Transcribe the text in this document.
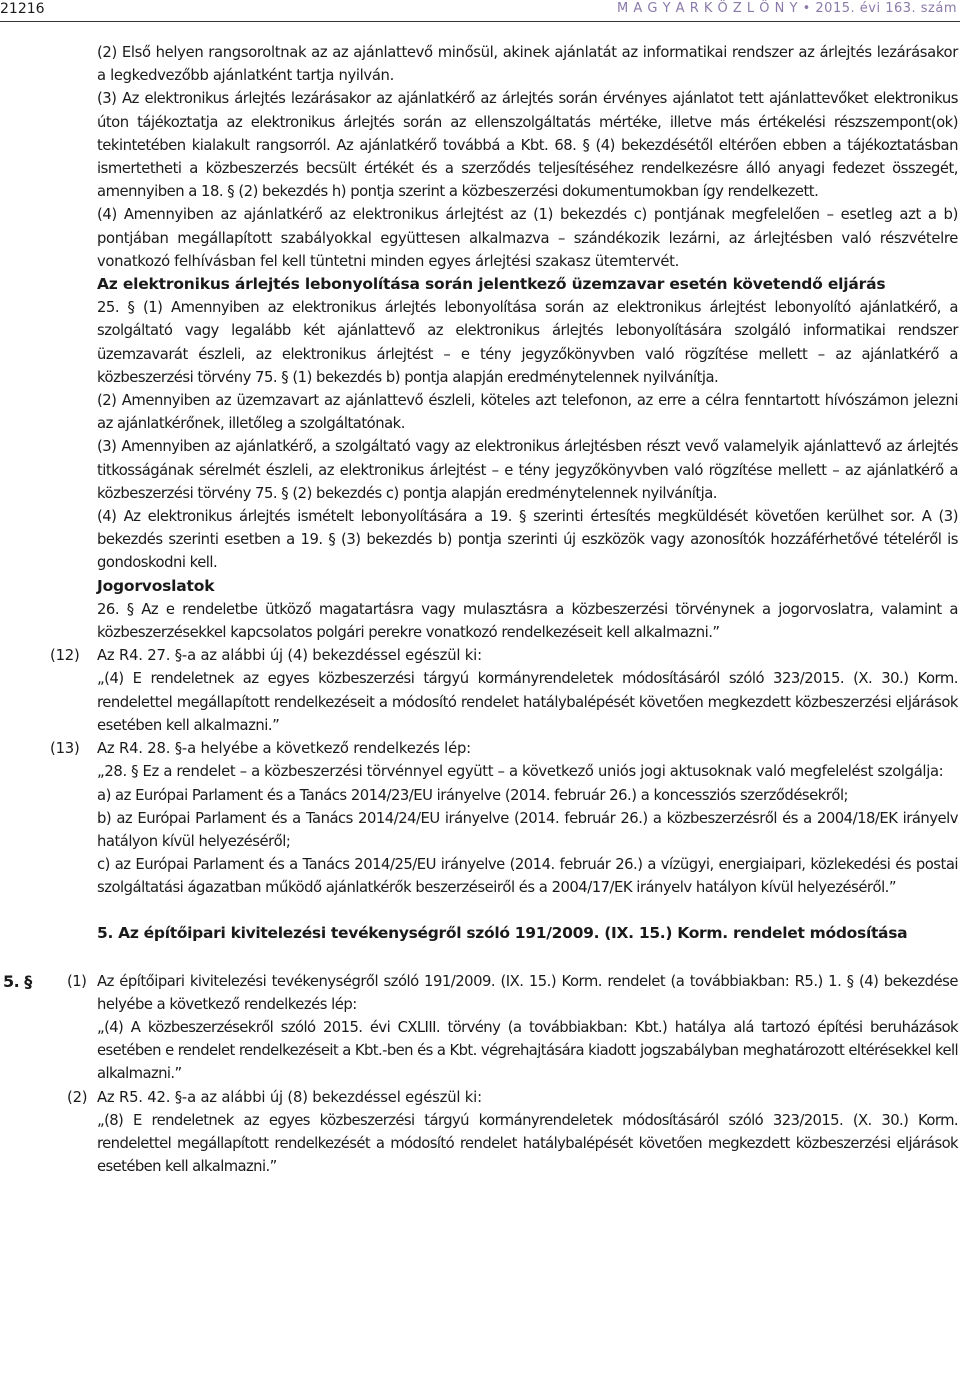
21216	M A G Y A R K Ö Z L Ö N Y • 2015. évi 163. szám

(2) Első helyen rangsoroltnak az az ajánlattevő minősül, akinek ajánlatát az informatikai rendszer az árlejtés lezárásakor a legkedvezőbb ajánlatként tartja nyilván.

(3) Az elektronikus árlejtés lezárásakor az ajánlatkérő az árlejtés során érvényes ajánlatot tett ajánlattevőket elektronikus úton tájékoztatja az elektronikus árlejtés során az ellenszolgáltatás mértéke, illetve más értékelési részszempont(ok) tekintetében kialakult rangsorról. Az ajánlatkérő továbbá a Kbt. 68. § (4) bekezdésétől eltérően ebben a tájékoztatásban ismertetheti a közbeszerzés becsült értékét és a szerződés teljesítéséhez rendelkezésre álló anyagi fedezet összegét, amennyiben a 18. § (2) bekezdés h) pontja szerint a közbeszerzési dokumentumokban így rendelkezett.

(4) Amennyiben az ajánlatkérő az elektronikus árlejtést az (1) bekezdés c) pontjának megfelelően – esetleg azt a b) pontjában megállapított szabályokkal együttesen alkalmazva – szándékozik lezárni, az árlejtésben való részvételre vonatkozó felhívásban fel kell tüntetni minden egyes árlejtési szakasz ütemtervét.

Az elektronikus árlejtés lebonyolítása során jelentkező üzemzavar esetén követendő eljárás

25. § (1) Amennyiben az elektronikus árlejtés lebonyolítása során az elektronikus árlejtést lebonyolító ajánlatkérő, a szolgáltató vagy legalább két ajánlattevő az elektronikus árlejtés lebonyolítására szolgáló informatikai rendszer üzemzavarát észleli, az elektronikus árlejtést – e tény jegyzőkönyvben való rögzítése mellett – az ajánlatkérő a közbeszerzési törvény 75. § (1) bekezdés b) pontja alapján eredménytelennek nyilvánítja.

(2) Amennyiben az üzemzavart az ajánlattevő észleli, köteles azt telefonon, az erre a célra fenntartott hívószámon jelezni az ajánlatkérőnek, illetőleg a szolgáltatónak.

(3) Amennyiben az ajánlatkérő, a szolgáltató vagy az elektronikus árlejtésben részt vevő valamelyik ajánlattevő az árlejtés titkosságának sérelmét észleli, az elektronikus árlejtést – e tény jegyzőkönyvben való rögzítése mellett – az ajánlatkérő a közbeszerzési törvény 75. § (2) bekezdés c) pontja alapján eredménytelennek nyilvánítja.

(4) Az elektronikus árlejtés ismételt lebonyolítására a 19. § szerinti értesítés megküldését követően kerülhet sor. A (3) bekezdés szerinti esetben a 19. § (3) bekezdés b) pontja szerinti új eszközök vagy azonosítók hozzáférhetővé tételéről is gondoskodni kell.

Jogorvoslatok

26. § Az e rendeletbe ütköző magatartásra vagy mulasztásra a közbeszerzési törvénynek a jogorvoslatra, valamint a közbeszerzésekkel kapcsolatos polgári perekre vonatkozó rendelkezéseit kell alkalmazni.”

(12) Az R4. 27. §-a az alábbi új (4) bekezdéssel egészül ki:

„(4) E rendeletnek az egyes közbeszerzési tárgyú kormányrendeletek módosításáról szóló 323/2015. (X. 30.) Korm. rendelettel megállapított rendelkezéseit a módosító rendelet hatálybalépését követően megkezdett közbeszerzési eljárások esetében kell alkalmazni.”

(13) Az R4. 28. §-a helyébe a következő rendelkezés lép:

„28. § Ez a rendelet – a közbeszerzési törvénnyel együtt – a következő uniós jogi aktusoknak való megfelelést szolgálja:

a) az Európai Parlament és a Tanács 2014/23/EU irányelve (2014. február 26.) a koncessziós szerződésekről;

b) az Európai Parlament és a Tanács 2014/24/EU irányelve (2014. február 26.) a közbeszerzésről és a 2004/18/EK irányelv hatályon kívül helyezéséről;

c) az Európai Parlament és a Tanács 2014/25/EU irányelve (2014. február 26.) a vízügyi, energiaipari, közlekedési és postai szolgáltatási ágazatban működő ajánlatkérők beszerzéseiről és a 2004/17/EK irányelv hatályon kívül helyezéséről.”

5. Az építőipari kivitelezési tevékenységről szóló 191/2009. (IX. 15.) Korm. rendelet módosítása

5. § (1) Az építőipari kivitelezési tevékenységről szóló 191/2009. (IX. 15.) Korm. rendelet (a továbbiakban: R5.) 1. § (4) bekezdése helyébe a következő rendelkezés lép:

„(4) A közbeszerzésekről szóló 2015. évi CXLIII. törvény (a továbbiakban: Kbt.) hatálya alá tartozó építési beruházások esetében e rendelet rendelkezéseit a Kbt.-ben és a Kbt. végrehajtására kiadott jogszabályban meghatározott eltérésekkel kell alkalmazni.”

(2) Az R5. 42. §-a az alábbi új (8) bekezdéssel egészül ki:

„(8) E rendeletnek az egyes közbeszerzési tárgyú kormányrendeletek módosításáról szóló 323/2015. (X. 30.) Korm. rendelettel megállapított rendelkezését a módosító rendelet hatálybalépését követően megkezdett közbeszerzési eljárások esetében kell alkalmazni.”
